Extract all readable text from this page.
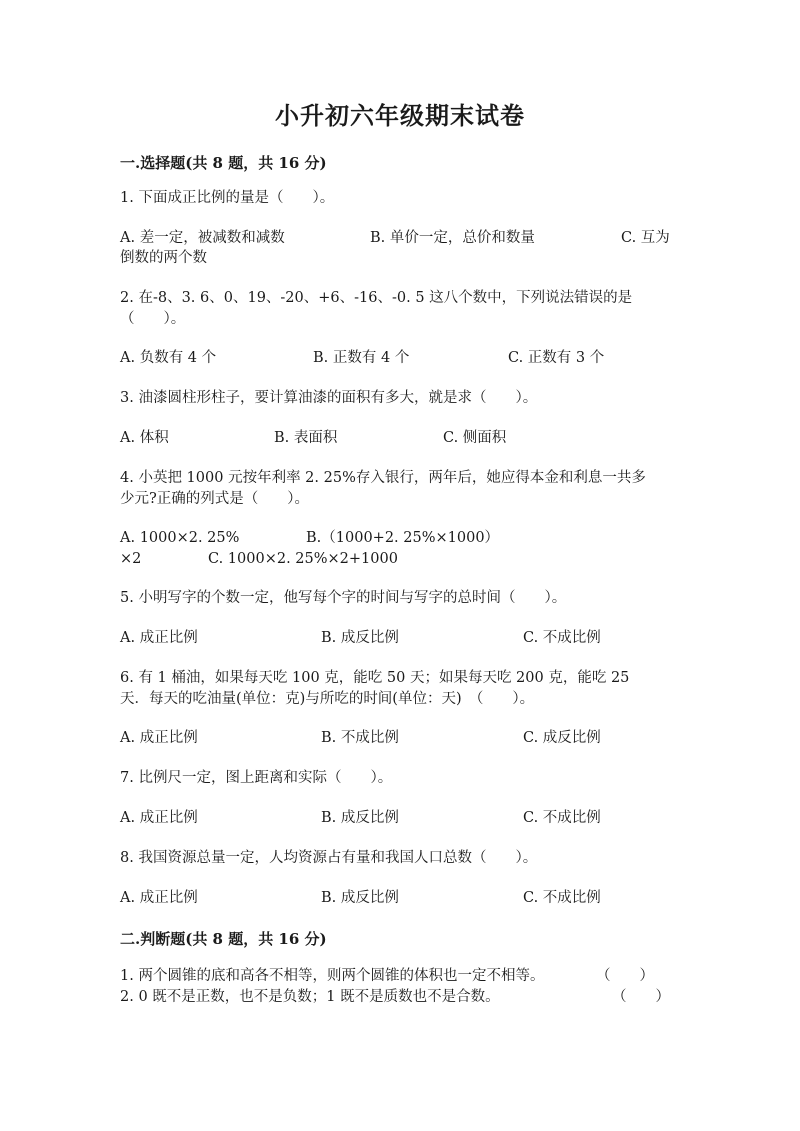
小升初六年级期末试卷
一.选择题(共 8 题，共 16 分)
1. 下面成正比例的量是（　　）。
A. 差一定，被减数和减数	B. 单价一定，总价和数量	C. 互为
倒数的两个数
2. 在-8、3. 6、0、19、-20、+6、-16、-0. 5 这八个数中，下列说法错误的是
（　　）。
A. 负数有 4 个	B. 正数有 4 个	C. 正数有 3 个
3. 油漆圆柱形柱子，要计算油漆的面积有多大，就是求（　　）。
A. 体积	B. 表面积	C. 侧面积
4. 小英把 1000 元按年利率 2. 25%存入银行，两年后，她应得本金和利息一共多
少元?正确的列式是（　　）。
A. 1000×2. 25%	B.（1000+2. 25%×1000）
×2	C. 1000×2. 25%×2+1000
5. 小明写字的个数一定，他写每个字的时间与写字的总时间（　　）。
A. 成正比例	B. 成反比例	C. 不成比例
6. 有 1 桶油，如果每天吃 100 克，能吃 50 天；如果每天吃 200 克，能吃 25
天．每天的吃油量(单位：克)与所吃的时间(单位：天)　（　　）。
A. 成正比例	B. 不成比例	C. 成反比例
7. 比例尺一定，图上距离和实际（　　）。
A. 成正比例	B. 成反比例	C. 不成比例
8. 我国资源总量一定，人均资源占有量和我国人口总数（　　）。
A. 成正比例	B. 成反比例	C. 不成比例
二.判断题(共 8 题，共 16 分)
1. 两个圆锥的底和高各不相等，则两个圆锥的体积也一定不相等。	（　　）
2. 0 既不是正数，也不是负数；1 既不是质数也不是合数。	（　　）
